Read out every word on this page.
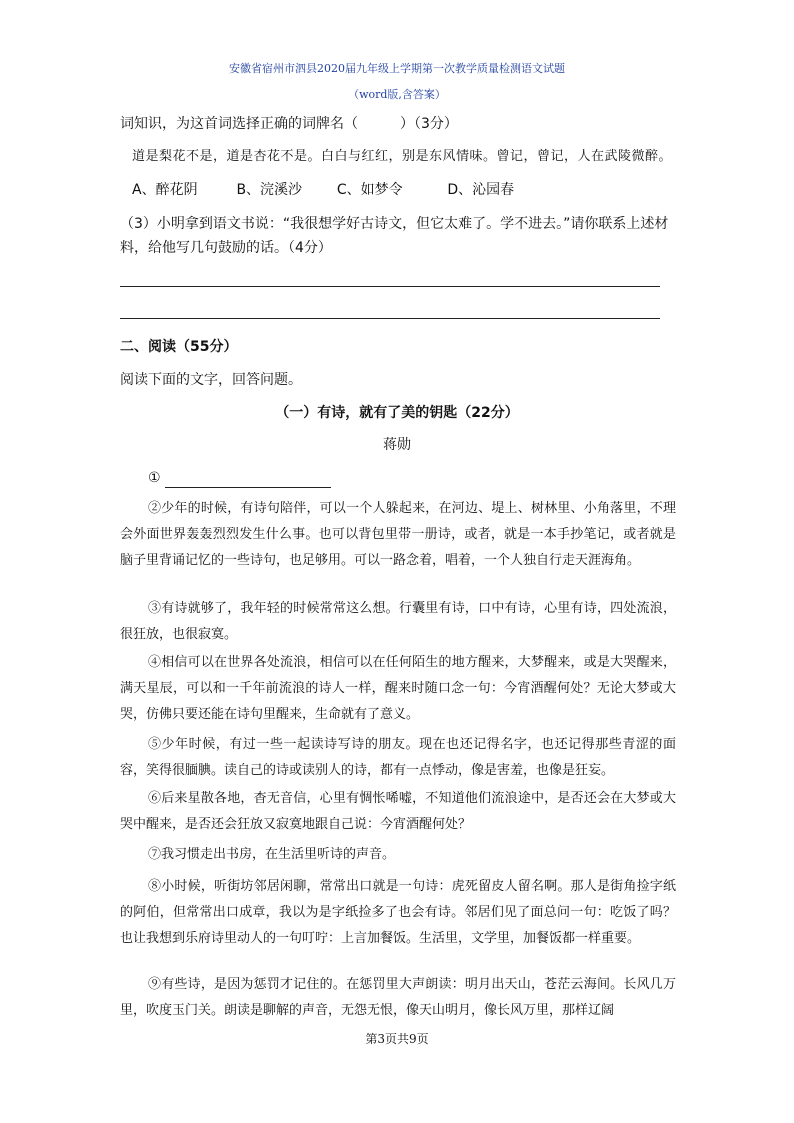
安徽省宿州市泗县2020届九年级上学期第一次教学质量检测语文试题
（word版,含答案）
词知识，为这首词选择正确的词牌名（　　　）（3分）
道是梨花不是，道是杏花不是。白白与红红，别是东风情味。曾记，曾记，人在武陵微醉。
A、醉花阴	B、浣溪沙 C、如梦令	D、沁园春
（3）小明拿到语文书说：“我很想学好古诗文，但它太难了。学不进去。”请你联系上述材
料，给他写几句鼓励的话。（4分）
二、阅读（55分）
阅读下面的文字，回答问题。
（一）有诗，就有了美的钥匙（22分）
蒋勋
①
②少年的时候，有诗句陪伴，可以一个人躲起来，在河边、堤上、树林里、小角落里，不理会外面世界轰轰烈烈发生什么事。也可以背包里带一册诗，或者，就是一本手抄笔记，或者就是脑子里背诵记忆的一些诗句，也足够用。可以一路念着，唱着，一个人独自行走天涯海角。
③有诗就够了，我年轻的时候常常这么想。行囊里有诗，口中有诗，心里有诗，四处流浪，很狂放，也很寂寞。
④相信可以在世界各处流浪，相信可以在任何陌生的地方醒来，大梦醒来，或是大哭醒来，满天星辰，可以和一千年前流浪的诗人一样，醒来时随口念一句：今宵酒醒何处？无论大梦或大哭，仿佛只要还能在诗句里醒来，生命就有了意义。
⑤少年时候，有过一些一起读诗写诗的朋友。现在也还记得名字，也还记得那些青涩的面容，笑得很腼腆。读自己的诗或读别人的诗，都有一点悸动，像是害羞，也像是狂妄。
⑥后来星散各地，杳无音信，心里有惆怅唏嘘，不知道他们流浪途中，是否还会在大梦或大哭中醒来，是否还会狂放又寂寞地跟自己说：今宵酒醒何处？
⑦我习惯走出书房，在生活里听诗的声音。
⑧小时候，听街坊邻居闲聊，常常出口就是一句诗：虎死留皮人留名啊。那人是街角捡字纸的阿伯，但常常出口成章，我以为是字纸捡多了也会有诗。邻居们见了面总问一句：吃饭了吗？也让我想到乐府诗里动人的一句叮咛：上言加餐饭。生活里，文学里，加餐饭都一样重要。
⑨有些诗，是因为惩罚才记住的。在惩罚里大声朗读：明月出天山，苍茫云海间。长风几万里，吹度玉门关。朗读是聊解的声音，无怨无恨，像天山明月，像长风万里，那样辽阔
第3页共9页
